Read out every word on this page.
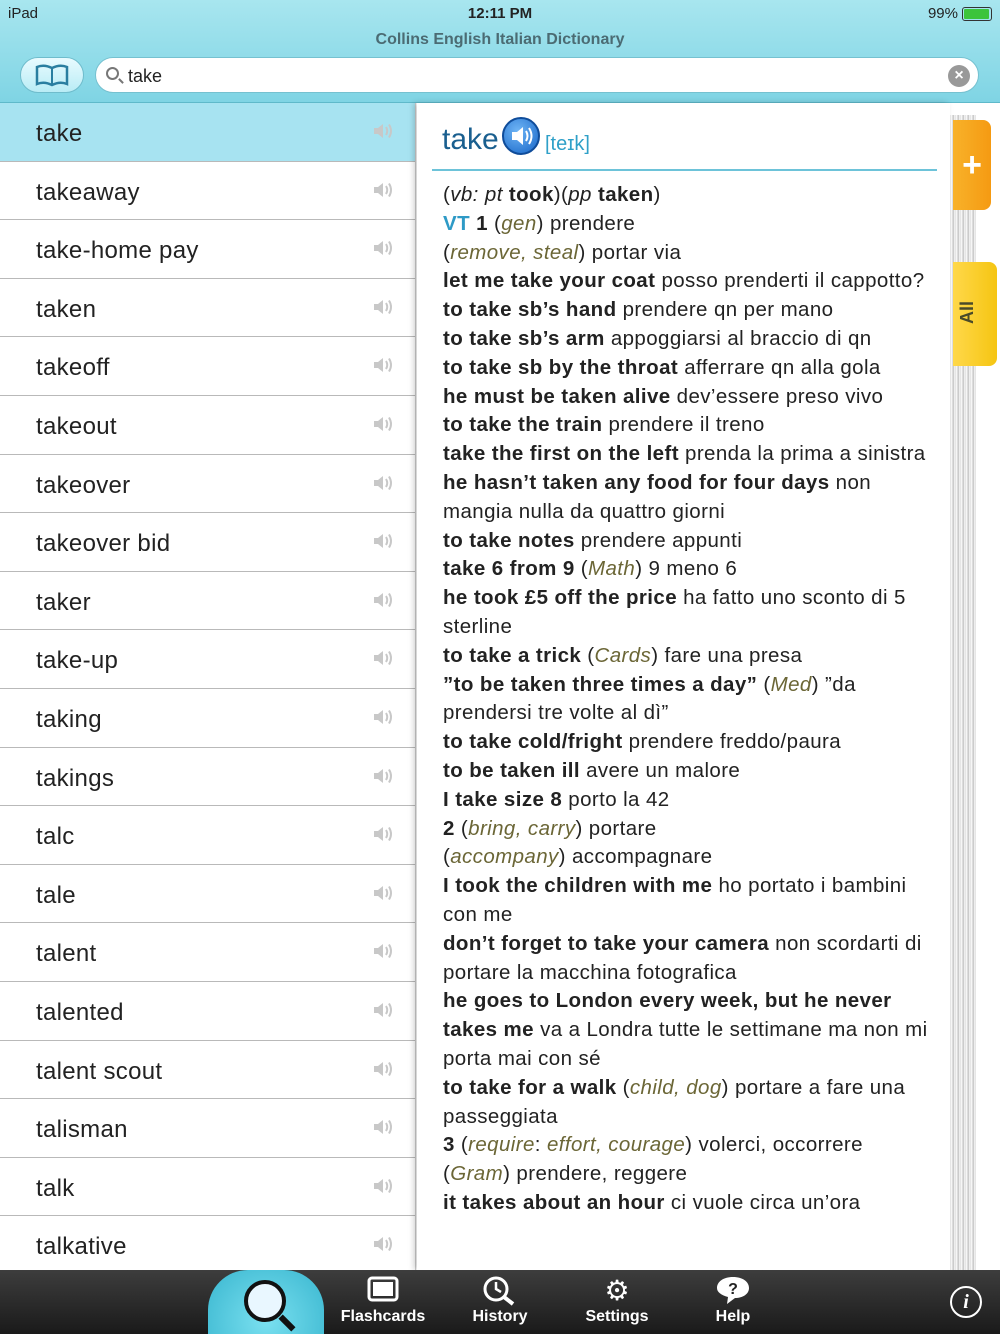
iPad	12:11 PM	99%
Collins English Italian Dictionary
take
×
take
takeaway
take-home pay
taken
takeoff
takeout
takeover
takeover bid
taker
take-up
taking
takings
talc
tale
talent
talented
talent scout
talisman
talk
talkative
take [teɪk]
(vb: pt took)(pp taken)
VT 1 (gen) prendere
(remove, steal) portar via
let me take your coat posso prenderti il cappotto?
to take sb’s hand prendere qn per mano
to take sb’s arm appoggiarsi al braccio di qn
to take sb by the throat afferrare qn alla gola
he must be taken alive dev’essere preso vivo
to take the train prendere il treno
take the first on the left prenda la prima a sinistra
he hasn’t taken any food for four days non mangia nulla da quattro giorni
to take notes prendere appunti
take 6 from 9 (Math) 9 meno 6
he took £5 off the price ha fatto uno sconto di 5 sterline
to take a trick (Cards) fare una presa
”to be taken three times a day” (Med) ”da prendersi tre volte al dì”
to take cold/fright prendere freddo/paura
to be taken ill avere un malore
I take size 8 porto la 42
2 (bring, carry) portare
(accompany) accompagnare
I took the children with me ho portato i bambini con me
don’t forget to take your camera non scordarti di portare la macchina fotografica
he goes to London every week, but he never takes me va a Londra tutte le settimane ma non mi porta mai con sé
to take for a walk (child, dog) portare a fare una passeggiata
3 (require: effort, courage) volerci, occorrere
(Gram) prendere, reggere
it takes about an hour ci vuole circa un’ora
+
All
Flashcards	History
⚙
Settings
?
Help
i
